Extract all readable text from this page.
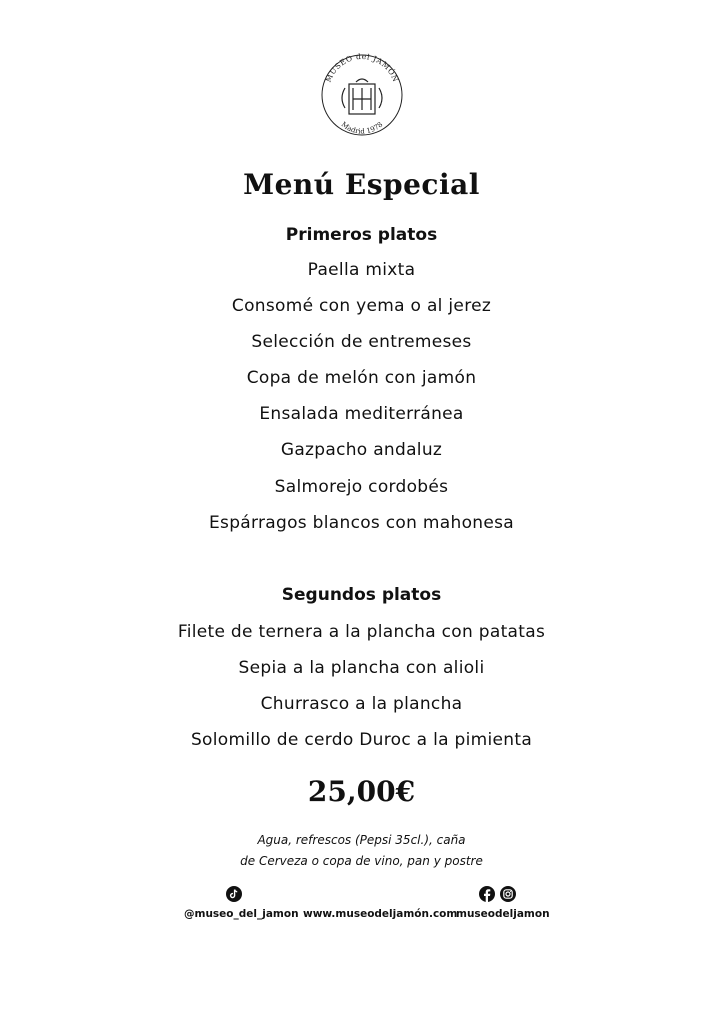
MUSEO del JAMÓN
Madrid 1978
Menú Especial
Primeros platos
Paella mixta
Consomé con yema o al jerez
Selección de entremeses
Copa de melón con jamón
Ensalada mediterránea
Gazpacho andaluz
Salmorejo cordobés
Espárragos blancos con mahonesa
Segundos platos
Filete de ternera a la plancha con patatas
Sepia a la plancha con alioli
Churrasco a la plancha
Solomillo de cerdo Duroc a la pimienta
25,00€
Agua, refrescos (Pepsi 35cl.), caña
de Cerveza o copa de vino, pan y postre
@museo_del_jamon www.museodeljamón.com
museodeljamon
